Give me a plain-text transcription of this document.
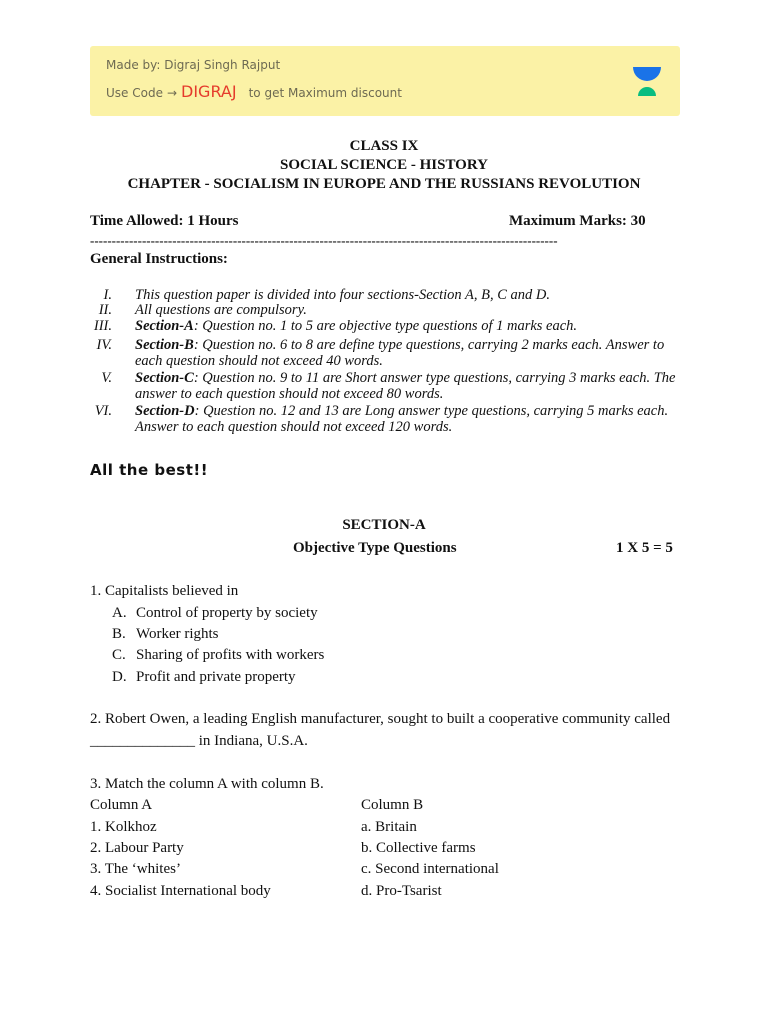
Made by: Digraj Singh Rajput
Use Code → DIGRAJ to get Maximum discount
CLASS IX
SOCIAL SCIENCE - HISTORY
CHAPTER - SOCIALISM IN EUROPE AND THE RUSSIANS REVOLUTION
Time Allowed: 1 Hours	Maximum Marks: 30
------------------------------------------------------------------------------------------------------------
General Instructions:
I. This question paper is divided into four sections-Section A, B, C and D.
II. All questions are compulsory.
III. Section-A: Question no. 1 to 5 are objective type questions of 1 marks each.
IV. Section-B: Question no. 6 to 8 are define type questions, carrying 2 marks each. Answer to each question should not exceed 40 words.
V. Section-C: Question no. 9 to 11 are Short answer type questions, carrying 3 marks each. The answer to each question should not exceed 80 words.
VI. Section-D: Question no. 12 and 13 are Long answer type questions, carrying 5 marks each. Answer to each question should not exceed 120 words.
All the best!!
SECTION-A
Objective Type Questions	1 X 5 = 5
1. Capitalists believed in
A. Control of property by society
B. Worker rights
C. Sharing of profits with workers
D. Profit and private property
2. Robert Owen, a leading English manufacturer, sought to built a cooperative community called
______________ in Indiana, U.S.A.
3. Match the column A with column B.
Column A	Column B
1. Kolkhoz	a. Britain
2. Labour Party	b. Collective farms
3. The ‘whites’	c. Second international
4. Socialist International body	d. Pro-Tsarist
